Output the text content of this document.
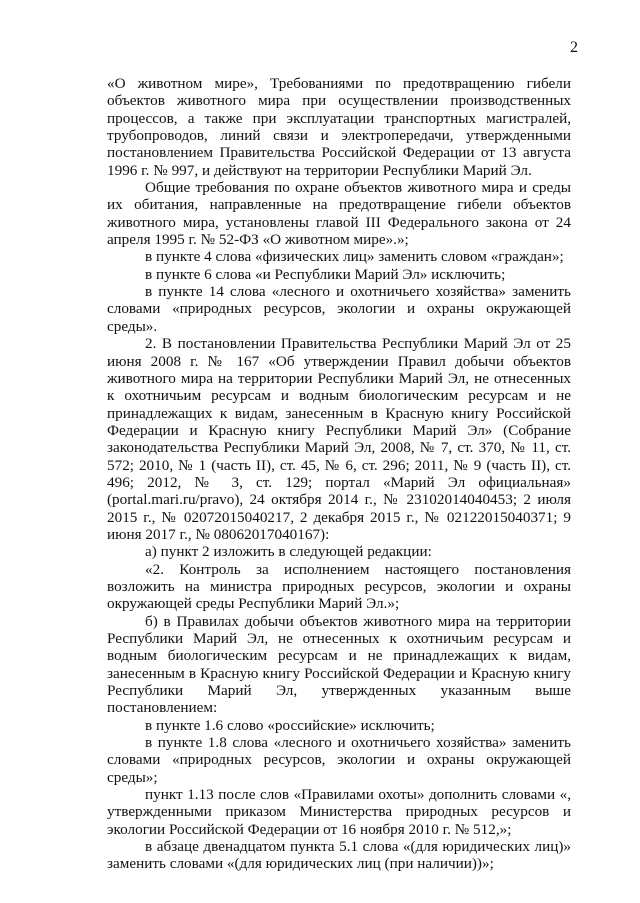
2

«О животном мире», Требованиями по предотвращению гибели объектов животного мира при осуществлении производственных процессов, а также при эксплуатации транспортных магистралей, трубопроводов, линий связи и электропередачи, утвержденными постановлением Правительства Российской Федерации от 13 августа 1996 г. № 997, и действуют на территории Республики Марий Эл.

Общие требования по охране объектов животного мира и среды их обитания, направленные на предотвращение гибели объектов животного мира, установлены главой III Федерального закона от 24 апреля 1995 г. № 52-ФЗ «О животном мире».»;

в пункте 4 слова «физических лиц» заменить словом «граждан»;

в пункте 6 слова «и Республики Марий Эл» исключить;

в пункте 14 слова «лесного и охотничьего хозяйства» заменить словами «природных ресурсов, экологии и охраны окружающей среды».

2. В постановлении Правительства Республики Марий Эл от 25 июня 2008 г. № 167 «Об утверждении Правил добычи объектов животного мира на территории Республики Марий Эл, не отнесенных к охотничьим ресурсам и водным биологическим ресурсам и не принадлежащих к видам, занесенным в Красную книгу Российской Федерации и Красную книгу Республики Марий Эл» (Собрание законодательства Республики Марий Эл, 2008, № 7, ст. 370, № 11, ст. 572; 2010, № 1 (часть II), ст. 45, № 6, ст. 296; 2011, № 9 (часть II), ст. 496; 2012, № 3, ст. 129; портал «Марий Эл официальная» (portal.mari.ru/pravo), 24 октября 2014 г., № 23102014040453; 2 июля 2015 г., № 02072015040217, 2 декабря 2015 г., № 02122015040371; 9 июня 2017 г., № 08062017040167):

а) пункт 2 изложить в следующей редакции:

«2. Контроль за исполнением настоящего постановления возложить на министра природных ресурсов, экологии и охраны окружающей среды Республики Марий Эл.»;

б) в Правилах добычи объектов животного мира на территории Республики Марий Эл, не отнесенных к охотничьим ресурсам и водным биологическим ресурсам и не принадлежащих к видам, занесенным в Красную книгу Российской Федерации и Красную книгу Республики Марий Эл, утвержденных указанным выше постановлением:

в пункте 1.6 слово «российские» исключить;

в пункте 1.8 слова «лесного и охотничьего хозяйства» заменить словами «природных ресурсов, экологии и охраны окружающей среды»;

пункт 1.13 после слов «Правилами охоты» дополнить словами «, утвержденными приказом Министерства природных ресурсов и экологии Российской Федерации от 16 ноября 2010 г. № 512,»;

в абзаце двенадцатом пункта 5.1 слова «(для юридических лиц)» заменить словами «(для юридических лиц (при наличии))»;
